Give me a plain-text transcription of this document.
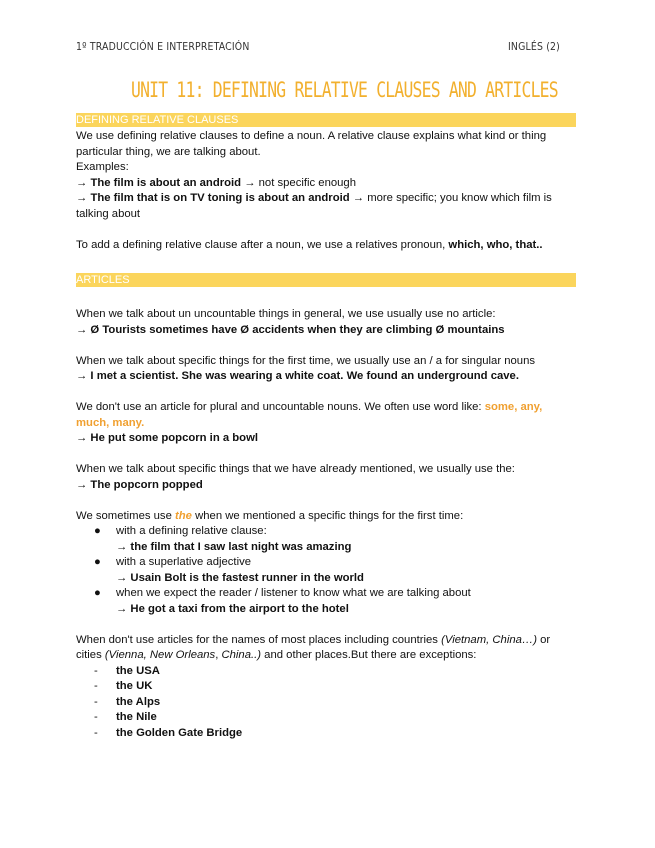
1º TRADUCCIÓN E INTERPRETACIÓN	INGLÉS (2)
UNIT 11: DEFINING RELATIVE CLAUSES AND ARTICLES
DEFINING RELATIVE CLAUSES

We use defining relative clauses to define a noun. A relative clause explains what kind or thing particular thing, we are talking about.

Examples:

→ The film is about an android → not specific enough

→ The film that is on TV toning is about an android → more specific; you know which film is talking about

To add a defining relative clause after a noun, we use a relatives pronoun, which, who, that..

ARTICLES

When we talk about un uncountable things in general, we use usually use no article:

→ Ø Tourists sometimes have Ø accidents when they are climbing Ø mountains

When we talk about specific things for the first time, we usually use an / a for singular nouns

→ I met a scientist. She was wearing a white coat. We found an underground cave.

We don't use an article for plural and uncountable nouns. We often use word like: some, any, much, many.

→ He put some popcorn in a bowl

When we talk about specific things that we have already mentioned, we usually use the:

→ The popcorn popped

We sometimes use the when we mentioned a specific things for the first time:

● with a defining relative clause:
→ the film that I saw last night was amazing
● with a superlative adjective
→ Usain Bolt is the fastest runner in the world
● when we expect the reader / listener to know what we are talking about
→ He got a taxi from the airport to the hotel

When don't use articles for the names of most places including countries (Vietnam, China…) or cities (Vienna, New Orleans, China..) and other places.But there are exceptions:

- the USA
- the UK
- the Alps
- the Nile
- the Golden Gate Bridge
